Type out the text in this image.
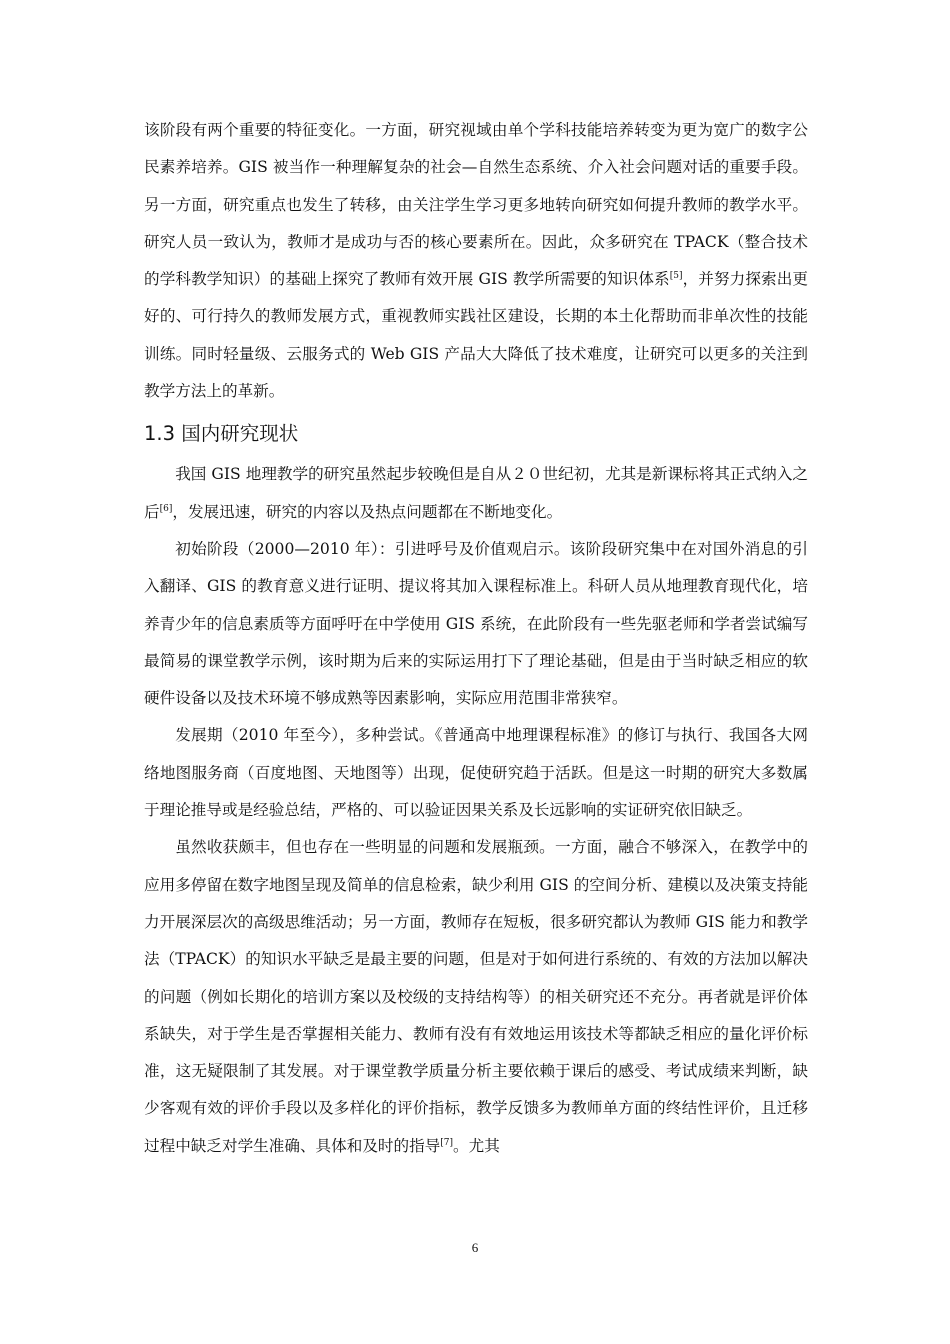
该阶段有两个重要的特征变化。一方面，研究视域由单个学科技能培养转变为更为宽广的数字公民素养培养。GIS 被当作一种理解复杂的社会—自然生态系统、介入社会问题对话的重要手段。另一方面，研究重点也发生了转移，由关注学生学习更多地转向研究如何提升教师的教学水平。研究人员一致认为，教师才是成功与否的核心要素所在。因此，众多研究在 TPACK（整合技术的学科教学知识）的基础上探究了教师有效开展 GIS 教学所需要的知识体系[5]，并努力探索出更好的、可行持久的教师发展方式，重视教师实践社区建设，长期的本土化帮助而非单次性的技能训练。同时轻量级、云服务式的 Web GIS 产品大大降低了技术难度，让研究可以更多的关注到教学方法上的革新。

1.3 国内研究现状

我国 GIS 地理教学的研究虽然起步较晚但是自从２０世纪初，尤其是新课标将其正式纳入之后[6]，发展迅速，研究的内容以及热点问题都在不断地变化。

初始阶段（2000—2010 年）：引进呼号及价值观启示。该阶段研究集中在对国外消息的引入翻译、GIS 的教育意义进行证明、提议将其加入课程标准上。科研人员从地理教育现代化，培养青少年的信息素质等方面呼吁在中学使用 GIS 系统，在此阶段有一些先驱老师和学者尝试编写最简易的课堂教学示例，该时期为后来的实际运用打下了理论基础，但是由于当时缺乏相应的软硬件设备以及技术环境不够成熟等因素影响，实际应用范围非常狭窄。

发展期（2010 年至今），多种尝试。《普通高中地理课程标准》的修订与执行、我国各大网络地图服务商（百度地图、天地图等）出现，促使研究趋于活跃。但是这一时期的研究大多数属于理论推导或是经验总结，严格的、可以验证因果关系及长远影响的实证研究依旧缺乏。

虽然收获颇丰，但也存在一些明显的问题和发展瓶颈。一方面，融合不够深入，在教学中的应用多停留在数字地图呈现及简单的信息检索，缺少利用 GIS 的空间分析、建模以及决策支持能力开展深层次的高级思维活动；另一方面，教师存在短板，很多研究都认为教师 GIS 能力和教学法（TPACK）的知识水平缺乏是最主要的问题，但是对于如何进行系统的、有效的方法加以解决的问题（例如长期化的培训方案以及校级的支持结构等）的相关研究还不充分。再者就是评价体系缺失，对于学生是否掌握相关能力、教师有没有有效地运用该技术等都缺乏相应的量化评价标准，这无疑限制了其发展。对于课堂教学质量分析主要依赖于课后的感受、考试成绩来判断，缺少客观有效的评价手段以及多样化的评价指标，教学反馈多为教师单方面的终结性评价，且迁移过程中缺乏对学生准确、具体和及时的指导[7]。尤其

6
